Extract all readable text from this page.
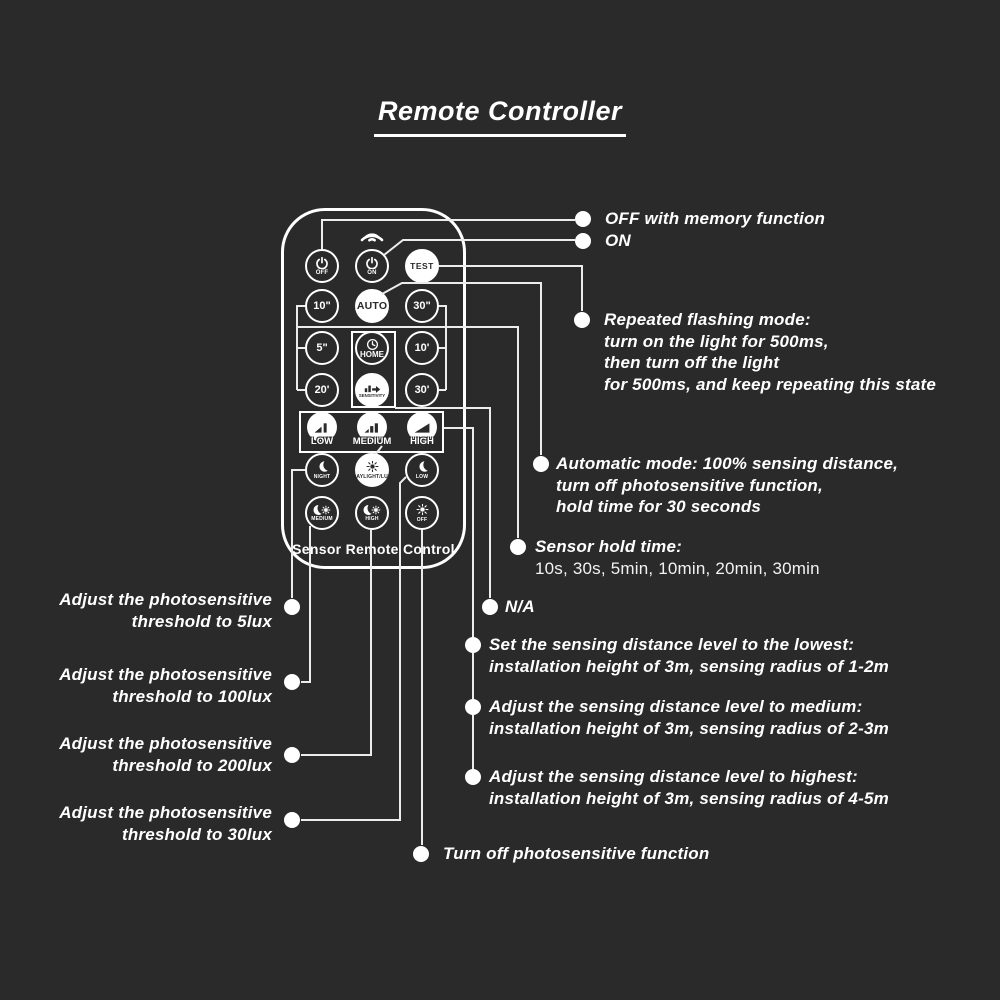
Remote Controller
OFF	ON
TEST
10" AUTO 30"
5"
HOME
10'
20'	SENSITIVITY	30'
LOW	MEDIUM	HIGH
NIGHT	DAYLIGHT/LUX	LOW
MEDIUM	HIGH	OFF
Sensor Remote Control
OFF with memory function
ON
Repeated flashing mode:
turn on the light for 500ms,
then turn off the light
for 500ms, and keep repeating this state
Automatic mode: 100% sensing distance,
turn off photosensitive function,
hold time for 30 seconds
Sensor hold time:
10s, 30s, 5min, 10min, 20min, 30min
N/A
Set the sensing distance level to the lowest:
installation height of 3m, sensing radius of 1-2m
Adjust the sensing distance level to medium:
installation height of 3m, sensing radius of 2-3m
Adjust the sensing distance level to highest:
installation height of 3m, sensing radius of 4-5m
Turn off photosensitive function
Adjust the photosensitive
threshold to 5lux
Adjust the photosensitive
threshold to 100lux
Adjust the photosensitive
threshold to 200lux
Adjust the photosensitive
threshold to 30lux
